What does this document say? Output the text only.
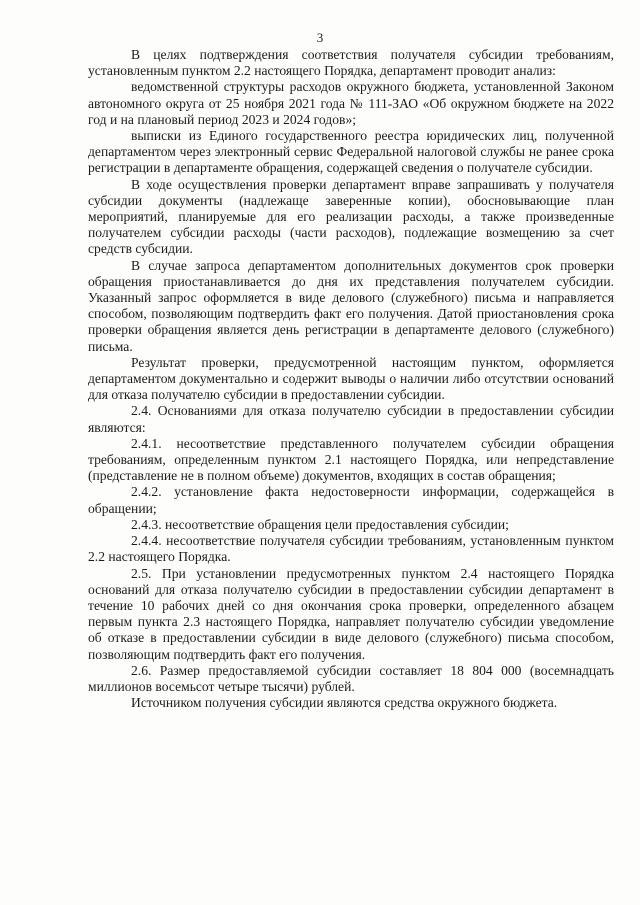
3

В целях подтверждения соответствия получателя субсидии требованиям, установленным пунктом 2.2 настоящего Порядка, департамент проводит анализ:

ведомственной структуры расходов окружного бюджета, установленной Законом автономного округа от 25 ноября 2021 года № 111-ЗАО «Об окружном бюджете на 2022 год и на плановый период 2023 и 2024 годов»;

выписки из Единого государственного реестра юридических лиц, полученной департаментом через электронный сервис Федеральной налоговой службы не ранее срока регистрации в департаменте обращения, содержащей сведения о получателе субсидии.

В ходе осуществления проверки департамент вправе запрашивать у получателя субсидии документы (надлежаще заверенные копии), обосновывающие план мероприятий, планируемые для его реализации расходы, а также произведенные получателем субсидии расходы (части расходов), подлежащие возмещению за счет средств субсидии.

В случае запроса департаментом дополнительных документов срок проверки обращения приостанавливается до дня их представления получателем субсидии. Указанный запрос оформляется в виде делового (служебного) письма и направляется способом, позволяющим подтвердить факт его получения. Датой приостановления срока проверки обращения является день регистрации в департаменте делового (служебного) письма.

Результат проверки, предусмотренной настоящим пунктом, оформляется департаментом документально и содержит выводы о наличии либо отсутствии оснований для отказа получателю субсидии в предоставлении субсидии.

2.4. Основаниями для отказа получателю субсидии в предоставлении субсидии являются:

2.4.1. несоответствие представленного получателем субсидии обращения требованиям, определенным пунктом 2.1 настоящего Порядка, или непредставление (представление не в полном объеме) документов, входящих в состав обращения;

2.4.2. установление факта недостоверности информации, содержащейся в обращении;

2.4.3. несоответствие обращения цели предоставления субсидии;

2.4.4. несоответствие получателя субсидии требованиям, установленным пунктом 2.2 настоящего Порядка.

2.5. При установлении предусмотренных пунктом 2.4 настоящего Порядка оснований для отказа получателю субсидии в предоставлении субсидии департамент в течение 10 рабочих дней со дня окончания срока проверки, определенного абзацем первым пункта 2.3 настоящего Порядка, направляет получателю субсидии уведомление об отказе в предоставлении субсидии в виде делового (служебного) письма способом, позволяющим подтвердить факт его получения.

2.6. Размер предоставляемой субсидии составляет 18 804 000 (восемнадцать миллионов восемьсот четыре тысячи) рублей.

Источником получения субсидии являются средства окружного бюджета.
